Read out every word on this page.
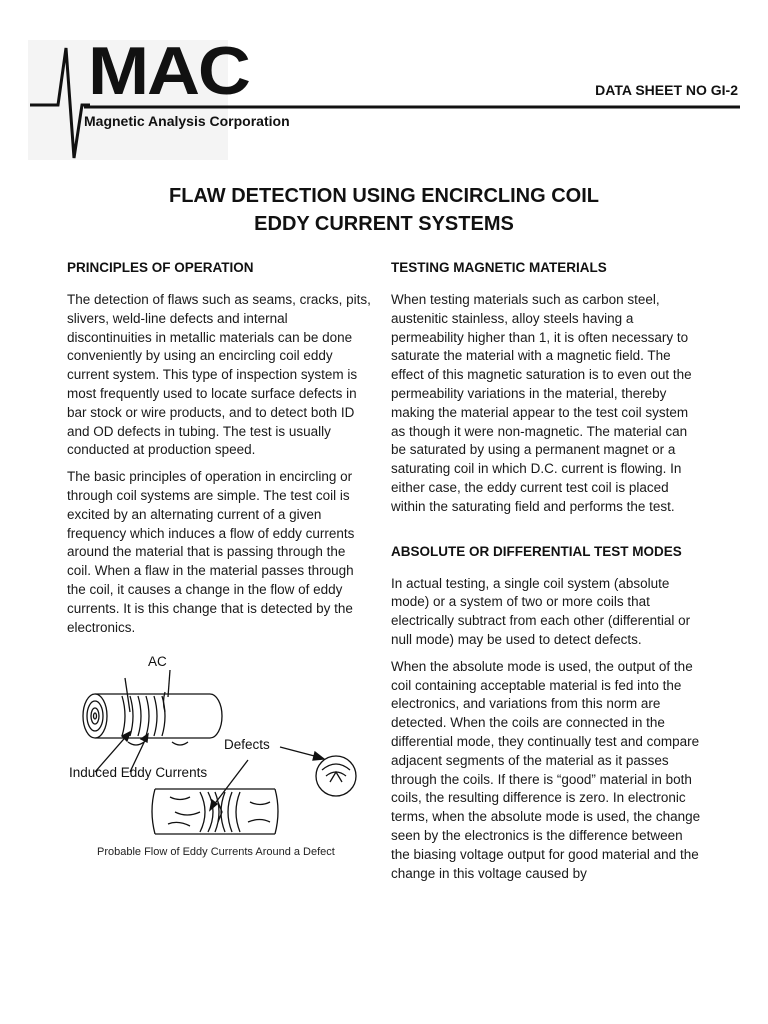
MAC
Magnetic Analysis Corporation
DATA SHEET NO GI-2
FLAW DETECTION USING ENCIRCLING COIL
EDDY CURRENT SYSTEMS
PRINCIPLES OF OPERATION

The detection of flaws such as seams, cracks, pits, slivers, weld-line defects and internal discontinuities in metallic materials can be done conveniently by using an encircling coil eddy current system. This type of inspection system is most frequently used to locate surface defects in bar stock or wire products, and to detect both ID and OD defects in tubing. The test is usually conducted at production speed.

The basic principles of operation in encircling or through coil systems are simple. The test coil is excited by an alternating current of a given frequency which induces a flow of eddy currents around the material that is passing through the coil. When a flaw in the material passes through the coil, it causes a change in the flow of eddy currents. It is this change that is detected by the electronics.

AC
Defects
Induced Eddy Currents
Probable Flow of Eddy Currents Around a Defect
TESTING MAGNETIC MATERIALS

When testing materials such as carbon steel, austenitic stainless, alloy steels having a permeability higher than 1, it is often necessary to saturate the material with a magnetic field. The effect of this magnetic saturation is to even out the permeability variations in the material, thereby making the material appear to the test coil system as though it were non-magnetic. The material can be saturated by using a permanent magnet or a saturating coil in which D.C. current is flowing. In either case, the eddy current test coil is placed within the saturating field and performs the test.

ABSOLUTE OR DIFFERENTIAL TEST MODES

In actual testing, a single coil system (absolute mode) or a system of two or more coils that electrically subtract from each other (differential or null mode) may be used to detect defects.

When the absolute mode is used, the output of the coil containing acceptable material is fed into the electronics, and variations from this norm are detected. When the coils are connected in the differential mode, they continually test and compare adjacent segments of the material as it passes through the coils. If there is “good” material in both coils, the resulting difference is zero. In electronic terms, when the absolute mode is used, the change seen by the electronics is the difference between the biasing voltage output for good material and the change in this voltage caused by
